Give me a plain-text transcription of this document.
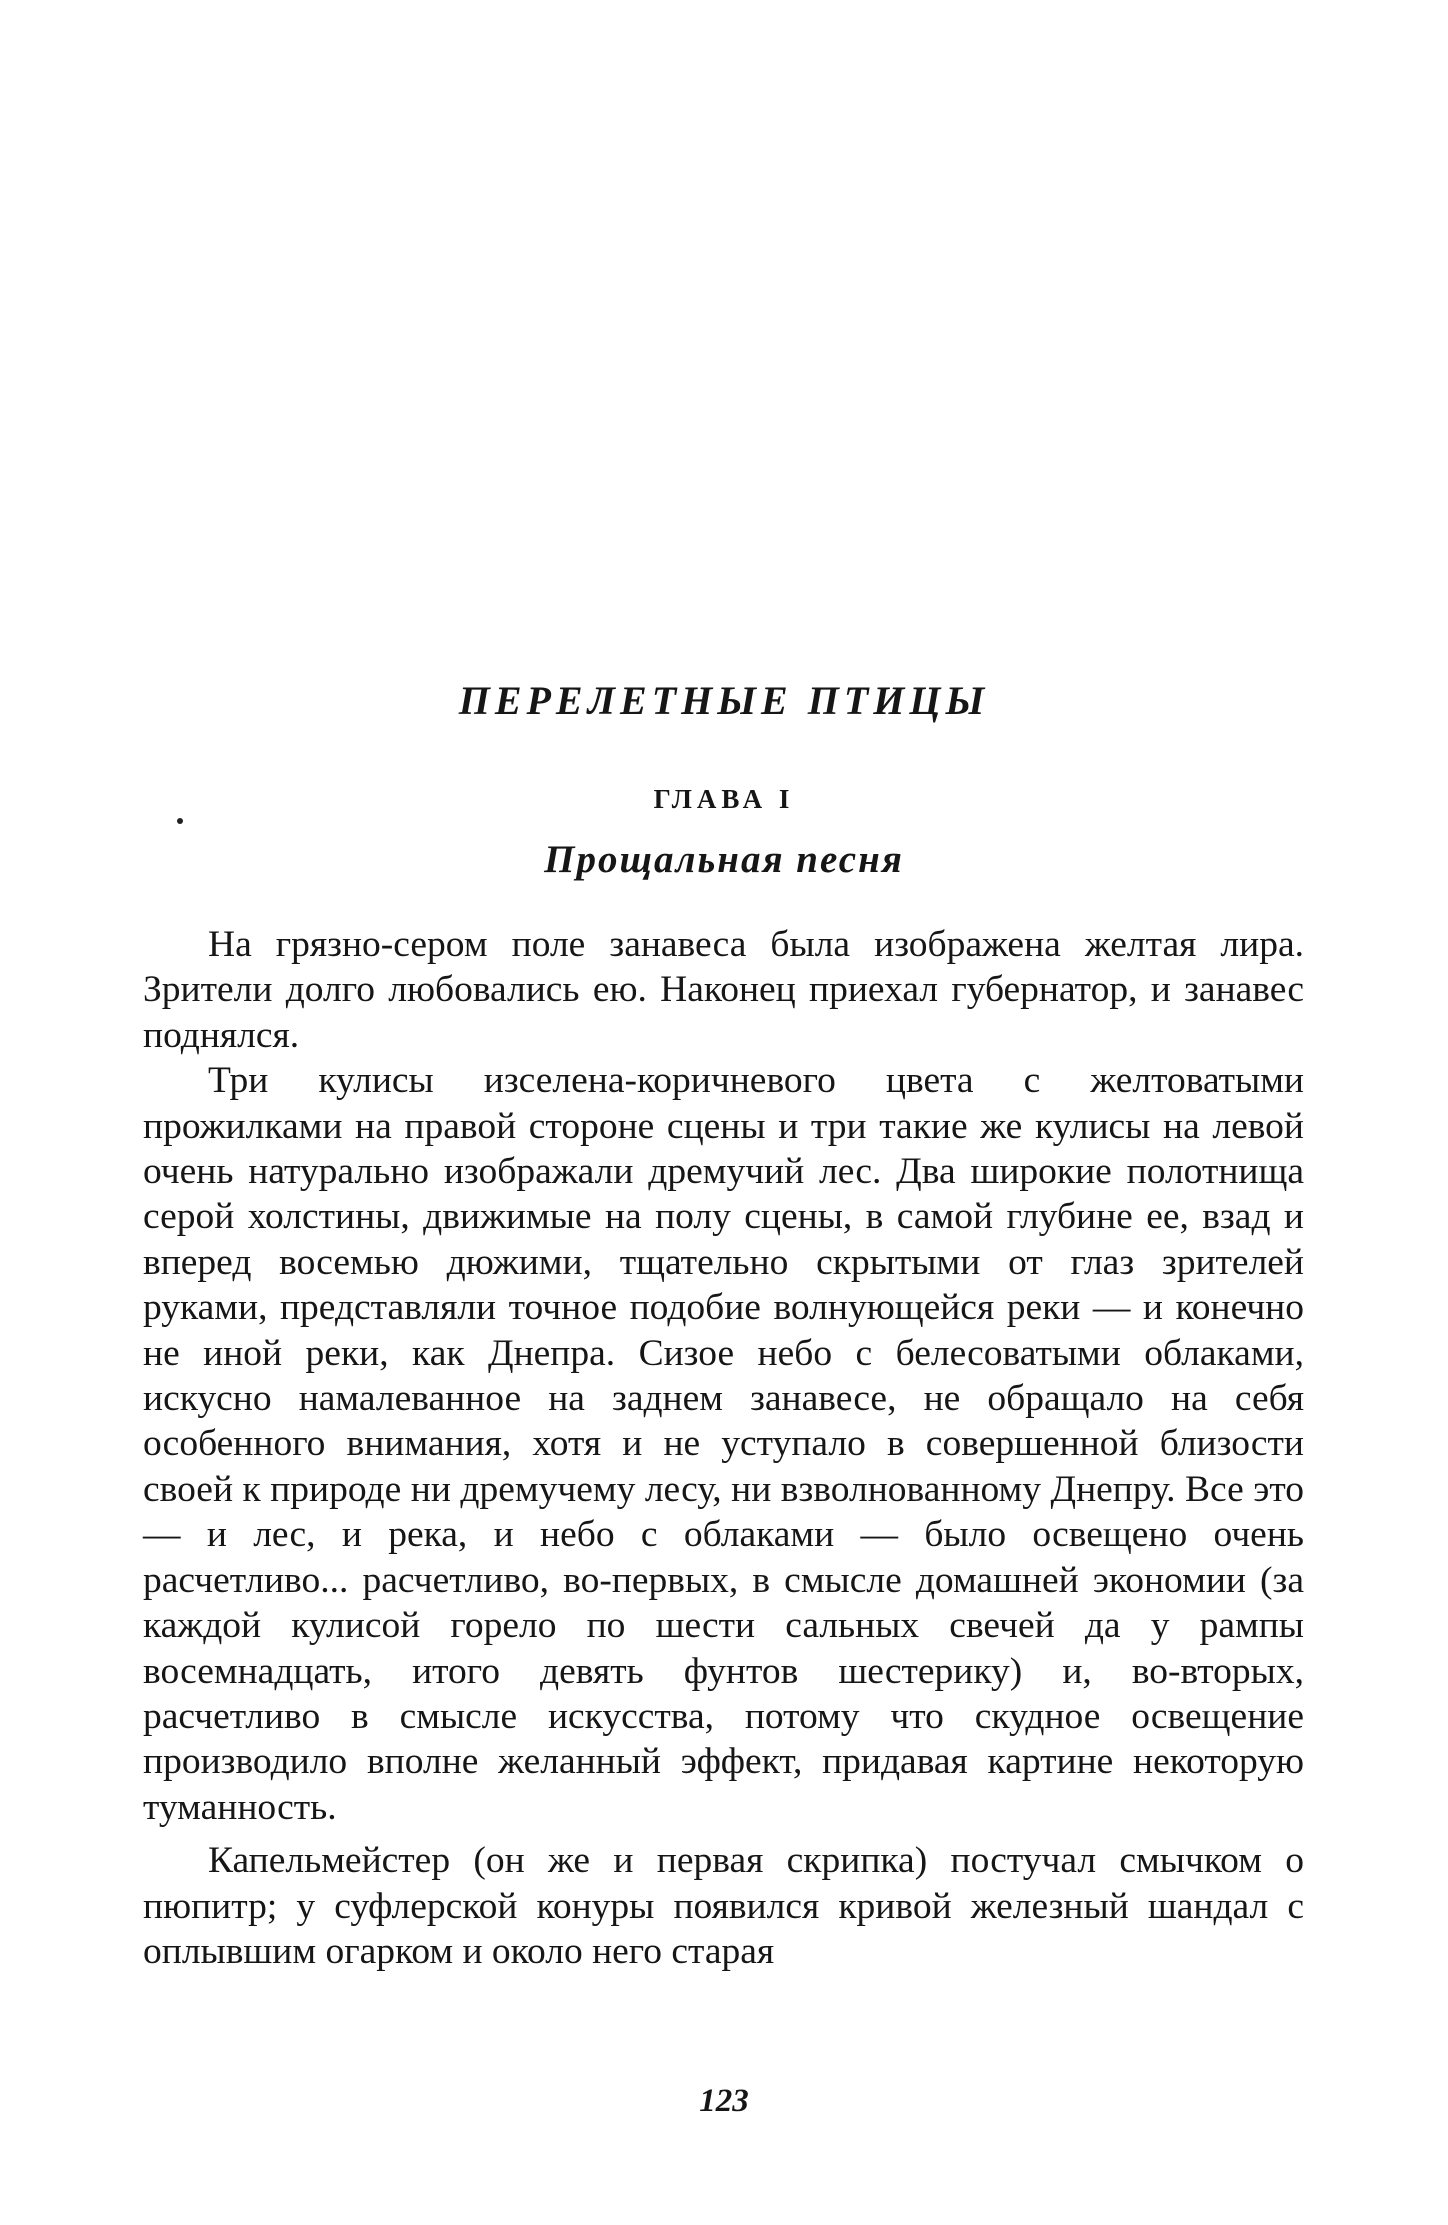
ПЕРЕЛЕТНЫЕ ПТИЦЫ
ГЛАВА I
Прощальная песня

На грязно-сером поле занавеса была изображена желтая лира. Зрители долго любовались ею. Наконец приехал губернатор, и занавес поднялся.

Три кулисы изселена-коричневого цвета с желтоватыми прожилками на правой стороне сцены и три такие же кулисы на левой очень натурально изображали дремучий лес. Два широкие полотнища серой холстины, движимые на полу сцены, в самой глубине ее, взад и вперед восемью дюжими, тщательно скрытыми от глаз зрителей руками, представляли точное подобие волнующейся реки — и конечно не иной реки, как Днепра. Сизое небо с белесоватыми облаками, искусно намалеванное на заднем занавесе, не обращало на себя особенного внимания, хотя и не уступало в совершенной близости своей к природе ни дремучему лесу, ни взволнованному Днепру. Все это — и лес, и река, и небо с облаками — было освещено очень расчетливо... расчетливо, во-первых, в смысле домашней экономии (за каждой кулисой горело по шести сальных свечей да у рампы восемнадцать, итого девять фунтов шестерику) и, во-вторых, расчетливо в смысле искусства, потому что скудное освещение производило вполне желанный эффект, придавая картине некоторую туманность.

Капельмейстер (он же и первая скрипка) постучал смычком о пюпитр; у суфлерской конуры появился кривой железный шандал с оплывшим огарком и около него старая

123
